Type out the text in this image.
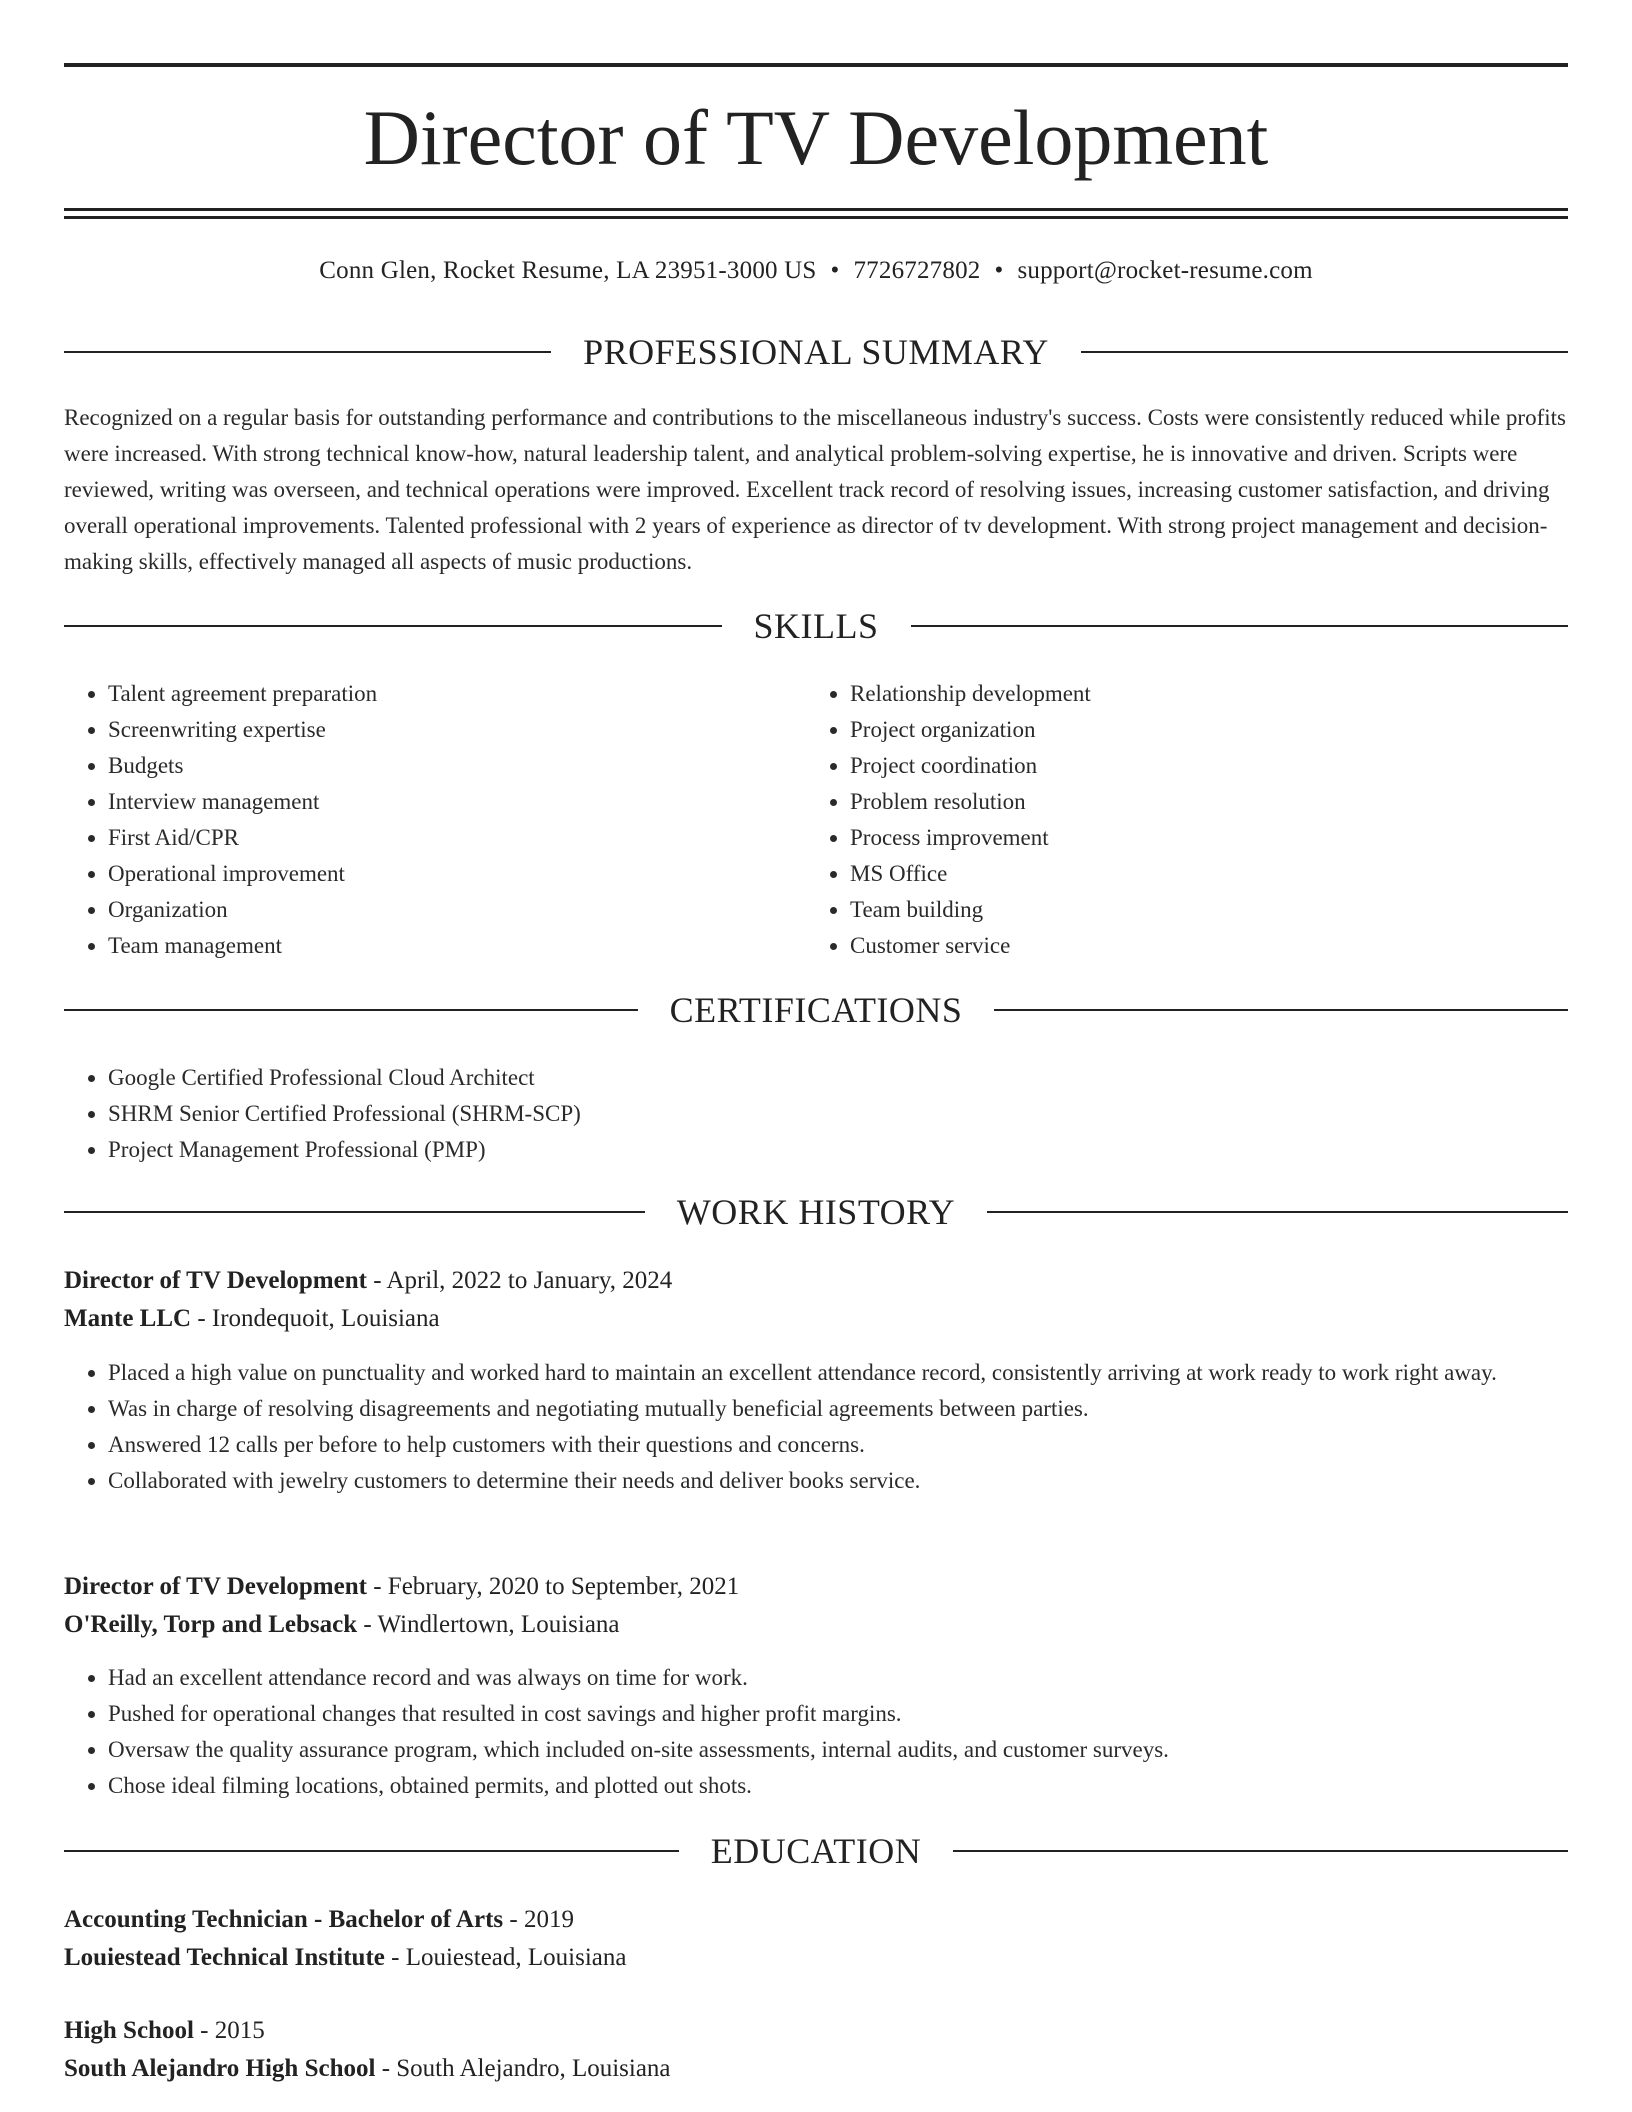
Director of TV Development
Conn Glen, Rocket Resume, LA 23951-3000 US • 7726727802 • support@rocket-resume.com
PROFESSIONAL SUMMARY

Recognized on a regular basis for outstanding performance and contributions to the miscellaneous industry's success. Costs were consistently reduced while profits were increased. With strong technical know-how, natural leadership talent, and analytical problem-solving expertise, he is innovative and driven. Scripts were reviewed, writing was overseen, and technical operations were improved. Excellent track record of resolving issues, increasing customer satisfaction, and driving overall operational improvements. Talented professional with 2 years of experience as director of tv development. With strong project management and decision-making skills, effectively managed all aspects of music productions.

SKILLS
• Talent agreement preparation
• Screenwriting expertise
• Budgets
• Interview management
• First Aid/CPR
• Operational improvement
• Organization
• Team management
• Relationship development
• Project organization
• Project coordination
• Problem resolution
• Process improvement
• MS Office
• Team building
• Customer service
CERTIFICATIONS
• Google Certified Professional Cloud Architect
• SHRM Senior Certified Professional (SHRM-SCP)
• Project Management Professional (PMP)
WORK HISTORY
Director of TV Development - April, 2022 to January, 2024
Mante LLC - Irondequoit, Louisiana
• Placed a high value on punctuality and worked hard to maintain an excellent attendance record, consistently arriving at work ready to work right away.
• Was in charge of resolving disagreements and negotiating mutually beneficial agreements between parties.
• Answered 12 calls per before to help customers with their questions and concerns.
• Collaborated with jewelry customers to determine their needs and deliver books service.
Director of TV Development - February, 2020 to September, 2021
O'Reilly, Torp and Lebsack - Windlertown, Louisiana
• Had an excellent attendance record and was always on time for work.
• Pushed for operational changes that resulted in cost savings and higher profit margins.
• Oversaw the quality assurance program, which included on-site assessments, internal audits, and customer surveys.
• Chose ideal filming locations, obtained permits, and plotted out shots.
EDUCATION
Accounting Technician - Bachelor of Arts - 2019
Louiestead Technical Institute - Louiestead, Louisiana
High School - 2015
South Alejandro High School - South Alejandro, Louisiana
